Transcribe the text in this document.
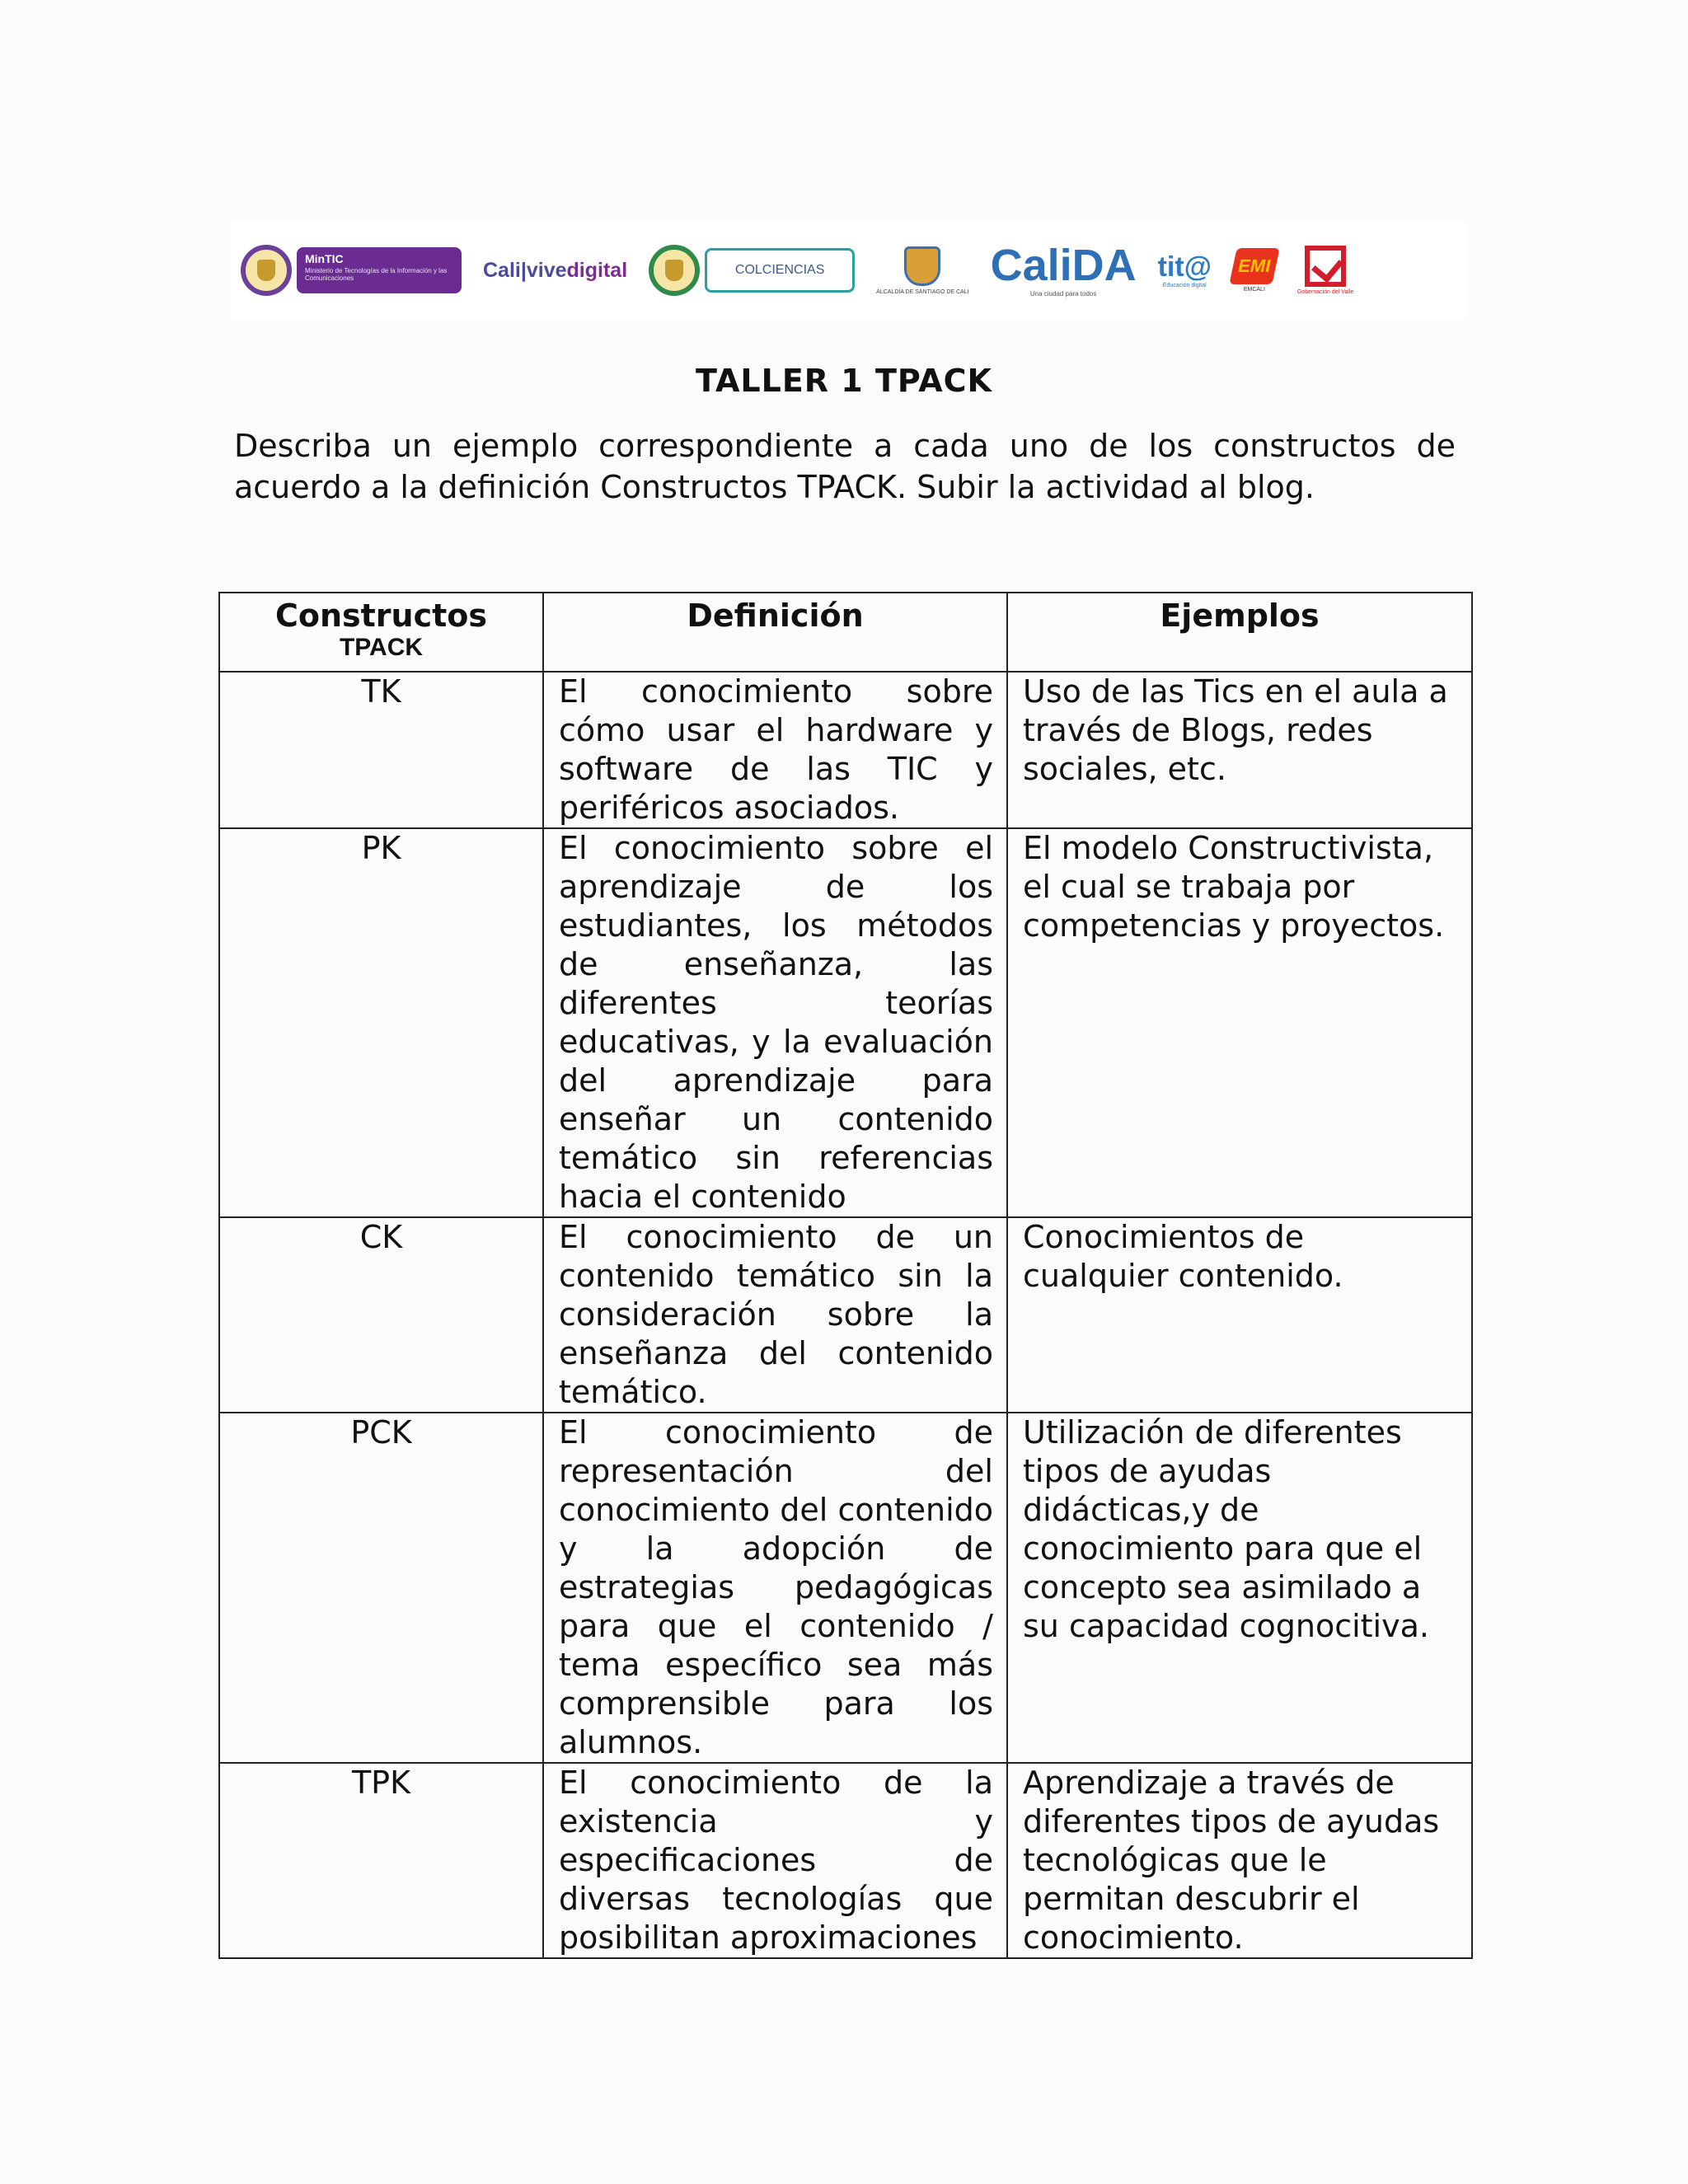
MinTIC
Ministerio de Tecnologías de la Información y las Comunicaciones	Cali | vive digital	COLCIENCIAS
ALCALDÍA DE SANTIAGO DE CALI
CaliDA
Una ciudad para todos
tit@
Educación digital
EMI
EMCALI	Gobernación del Valle
TALLER 1 TPACK
Describa un ejemplo correspondiente a cada uno de los constructos de acuerdo a la definición Constructos TPACK. Subir la actividad al blog.
Constructos
TPACK	Definición	Ejemplos

TK	El conocimiento sobre cómo usar el hardware y software de las TIC y periféricos asociados.	Uso de las Tics en el aula a través de Blogs, redes sociales, etc.

PK	El conocimiento sobre el aprendizaje de los estudiantes, los métodos de enseñanza, las diferentes teorías educativas, y la evaluación del aprendizaje para enseñar un contenido temático sin referencias hacia el contenido	El modelo Constructivista, el cual se trabaja por competencias y proyectos.

CK	El conocimiento de un contenido temático sin la consideración sobre la enseñanza del contenido temático.	Conocimientos de cualquier contenido.

PCK	El conocimiento de representación del conocimiento del contenido y la adopción de estrategias pedagógicas para que el contenido / tema específico sea más comprensible para los alumnos.	Utilización de diferentes tipos de ayudas didácticas,y de conocimiento para que el concepto sea asimilado a su capacidad cognocitiva.

TPK	El conocimiento de la existencia y especificaciones de diversas tecnologías que posibilitan aproximaciones	Aprendizaje a través de diferentes tipos de ayudas tecnológicas que le permitan descubrir el conocimiento.
